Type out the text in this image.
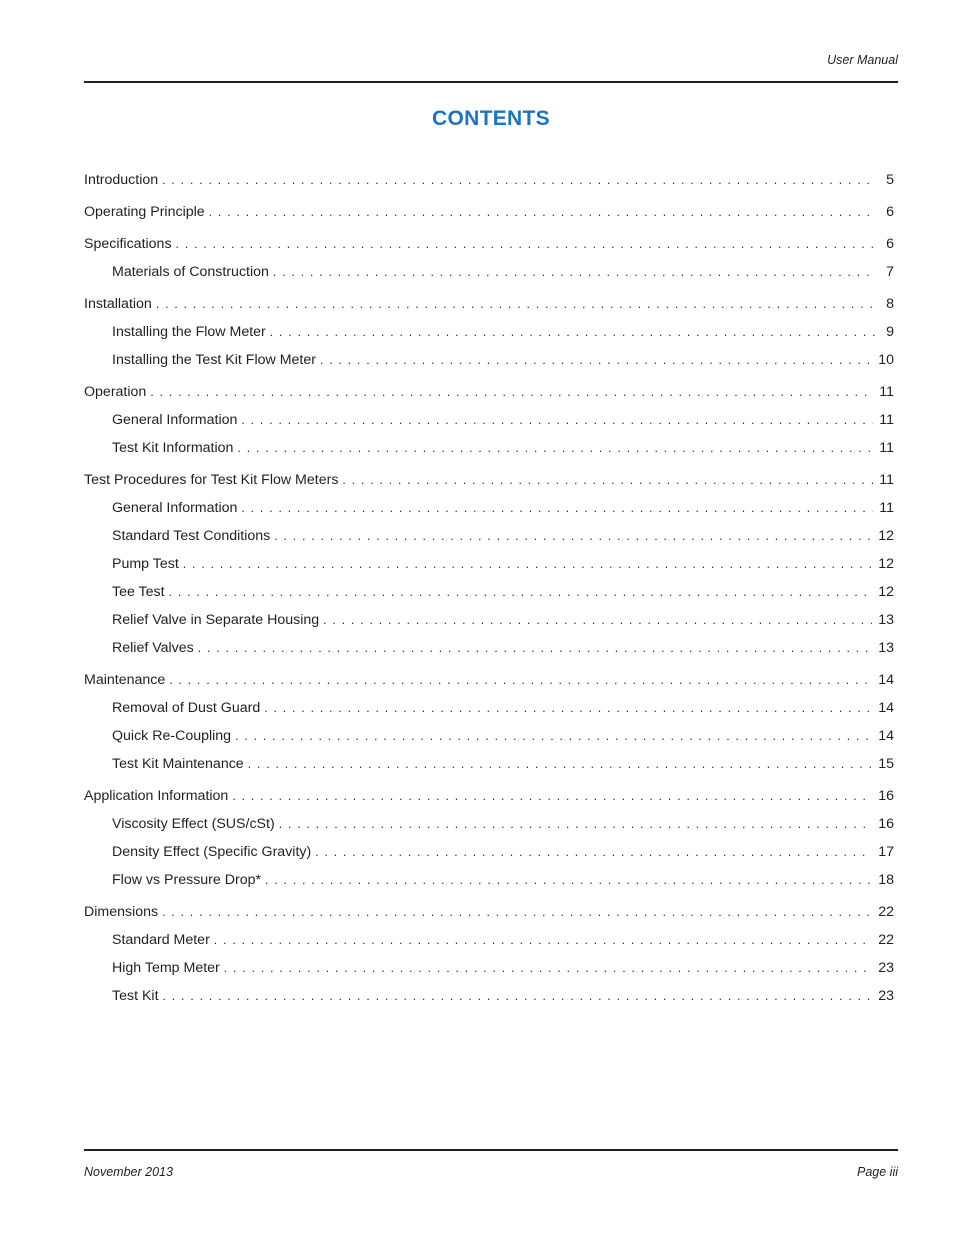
User Manual
CONTENTS
Introduction . . .	5
Operating Principle . . .	6
Specifications . . .	6
Materials of Construction . . .	7
Installation . . .	8
Installing the Flow Meter . . .	9
Installing the Test Kit Flow Meter . . .	10
Operation . . .	11
General Information . . .	11
Test Kit Information . . .	11
Test Procedures for Test Kit Flow Meters . . .	11
General Information . . .	11
Standard Test Conditions . . .	12
Pump Test . . .	12
Tee Test . . .	12
Relief Valve in Separate Housing . . .	13
Relief Valves . . .	13
Maintenance . . .	14
Removal of Dust Guard . . .	14
Quick Re-Coupling . . .	14
Test Kit Maintenance . . .	15
Application Information . . .	16
Viscosity Effect (SUS/cSt) . . .	16
Density Effect (Specific Gravity) . . .	17
Flow vs Pressure Drop* . . .	18
Dimensions . . .	22
Standard Meter . . .	22
High Temp Meter . . .	23
Test Kit . . .	23
November 2013	Page iii
